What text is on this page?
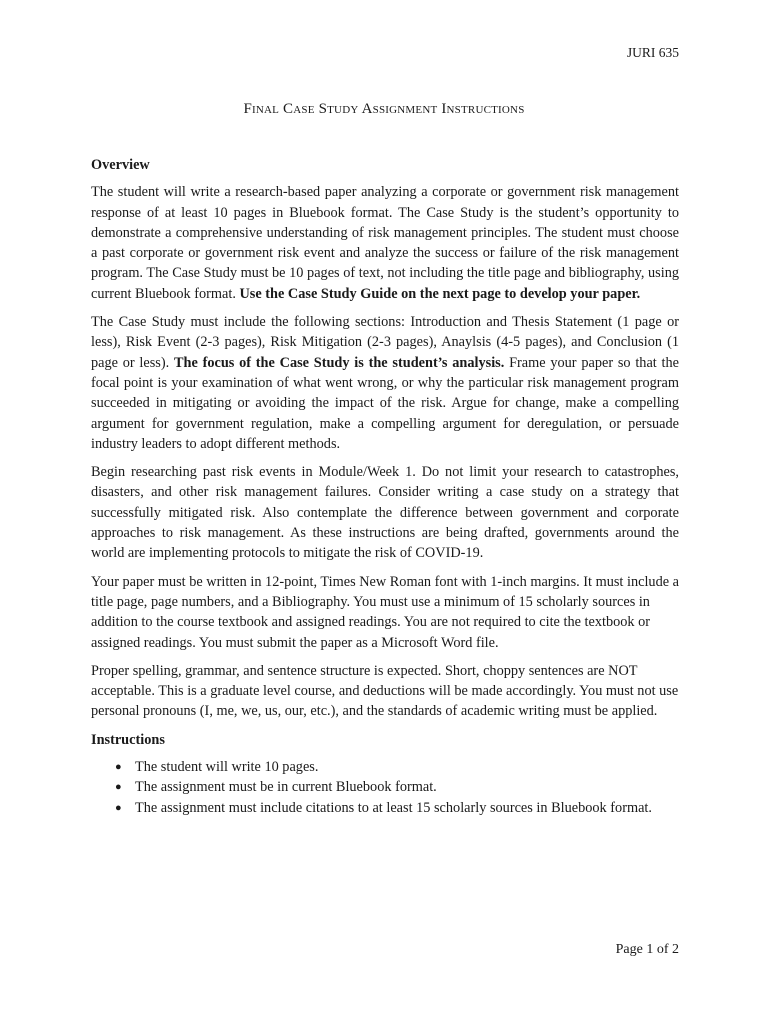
JURI 635
Final Case Study Assignment Instructions
Overview

The student will write a research-based paper analyzing a corporate or government risk management response of at least 10 pages in Bluebook format. The Case Study is the student’s opportunity to demonstrate a comprehensive understanding of risk management principles. The student must choose a past corporate or government risk event and analyze the success or failure of the risk management program. The Case Study must be 10 pages of text, not including the title page and bibliography, using current Bluebook format. Use the Case Study Guide on the next page to develop your paper.

The Case Study must include the following sections: Introduction and Thesis Statement (1 page or less), Risk Event (2-3 pages), Risk Mitigation (2-3 pages), Anaylsis (4-5 pages), and Conclusion (1 page or less). The focus of the Case Study is the student’s analysis. Frame your paper so that the focal point is your examination of what went wrong, or why the particular risk management program succeeded in mitigating or avoiding the impact of the risk. Argue for change, make a compelling argument for government regulation, make a compelling argument for deregulation, or persuade industry leaders to adopt different methods.

Begin researching past risk events in Module/Week 1. Do not limit your research to catastrophes, disasters, and other risk management failures. Consider writing a case study on a strategy that successfully mitigated risk. Also contemplate the difference between government and corporate approaches to risk management. As these instructions are being drafted, governments around the world are implementing protocols to mitigate the risk of COVID-19.

Your paper must be written in 12-point, Times New Roman font with 1-inch margins. It must include a title page, page numbers, and a Bibliography. You must use a minimum of 15 scholarly sources in addition to the course textbook and assigned readings. You are not required to cite the textbook or assigned readings. You must submit the paper as a Microsoft Word file.

Proper spelling, grammar, and sentence structure is expected. Short, choppy sentences are NOT acceptable. This is a graduate level course, and deductions will be made accordingly. You must not use personal pronouns (I, me, we, us, our, etc.), and the standards of academic writing must be applied.

Instructions
● The student will write 10 pages.
● The assignment must be in current Bluebook format.
● The assignment must include citations to at least 15 scholarly sources in Bluebook format.
Page 1 of 2
